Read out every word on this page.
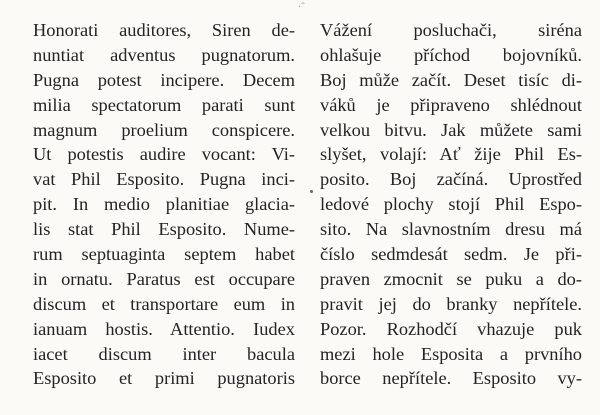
·ˆ
Honorati auditores, Siren de-
nuntiat adventus pugnatorum.
Pugna potest incipere. Decem
milia spectatorum parati sunt
magnum proelium conspicere.
Ut potestis audire vocant: Vi-
vat Phil Esposito. Pugna inci-
pit. In medio planitiae glacia-
lis stat Phil Esposito. Nume-
rum septuaginta septem habet
in ornatu. Paratus est occupare
discum et transportare eum in
ianuam hostis. Attentio. Iudex
iacet discum inter bacula
Esposito et primi pugnatoris
Vážení posluchači, siréna
ohlašuje příchod bojovníků.
Boj může začít. Deset tisíc di-
váků je připraveno shlédnout
velkou bitvu. Jak můžete sami
slyšet, volají: Ať žije Phil Es-
posito. Boj začíná. Uprostřed
ledové plochy stojí Phil Espo-
sito. Na slavnostním dresu má
číslo sedmdesát sedm. Je při-
praven zmocnit se puku a do-
pravit jej do branky nepřítele.
Pozor. Rozhodčí vhazuje puk
mezi hole Esposita a prvního
borce nepřítele. Esposito vy-
